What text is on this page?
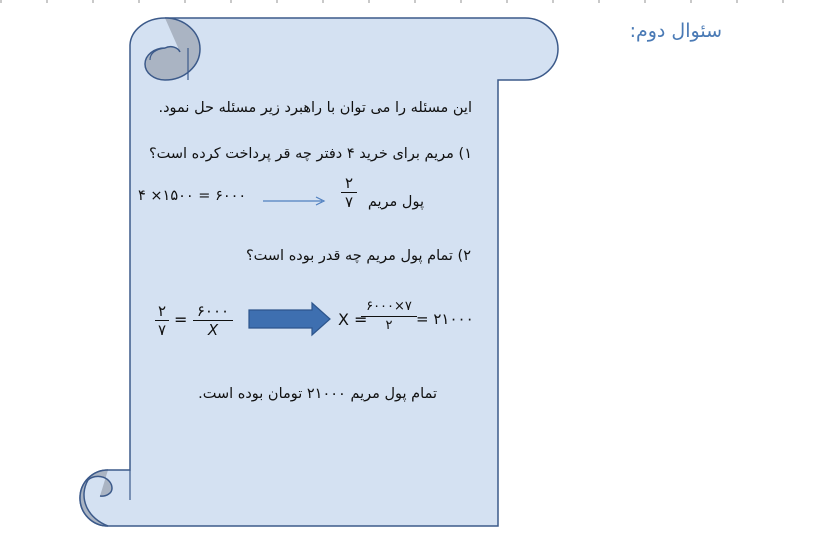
سئوال دوم:
این مسئله را می توان با راهبرد زیر مسئله حل نمود.
۱) مریم برای خرید ۴ دفتر چه قر پرداخت کرده است؟
۴ ×۱۵۰۰ = ۶۰۰۰
۲
۷	پول مریم
۲) تمام پول مریم چه قدر بوده است؟
۲
۷
= ۶۰۰۰
X
X =
۶۰۰۰×۷
۲	= ۲۱۰۰۰
تمام پول مریم ۲۱۰۰۰ تومان بوده است.
